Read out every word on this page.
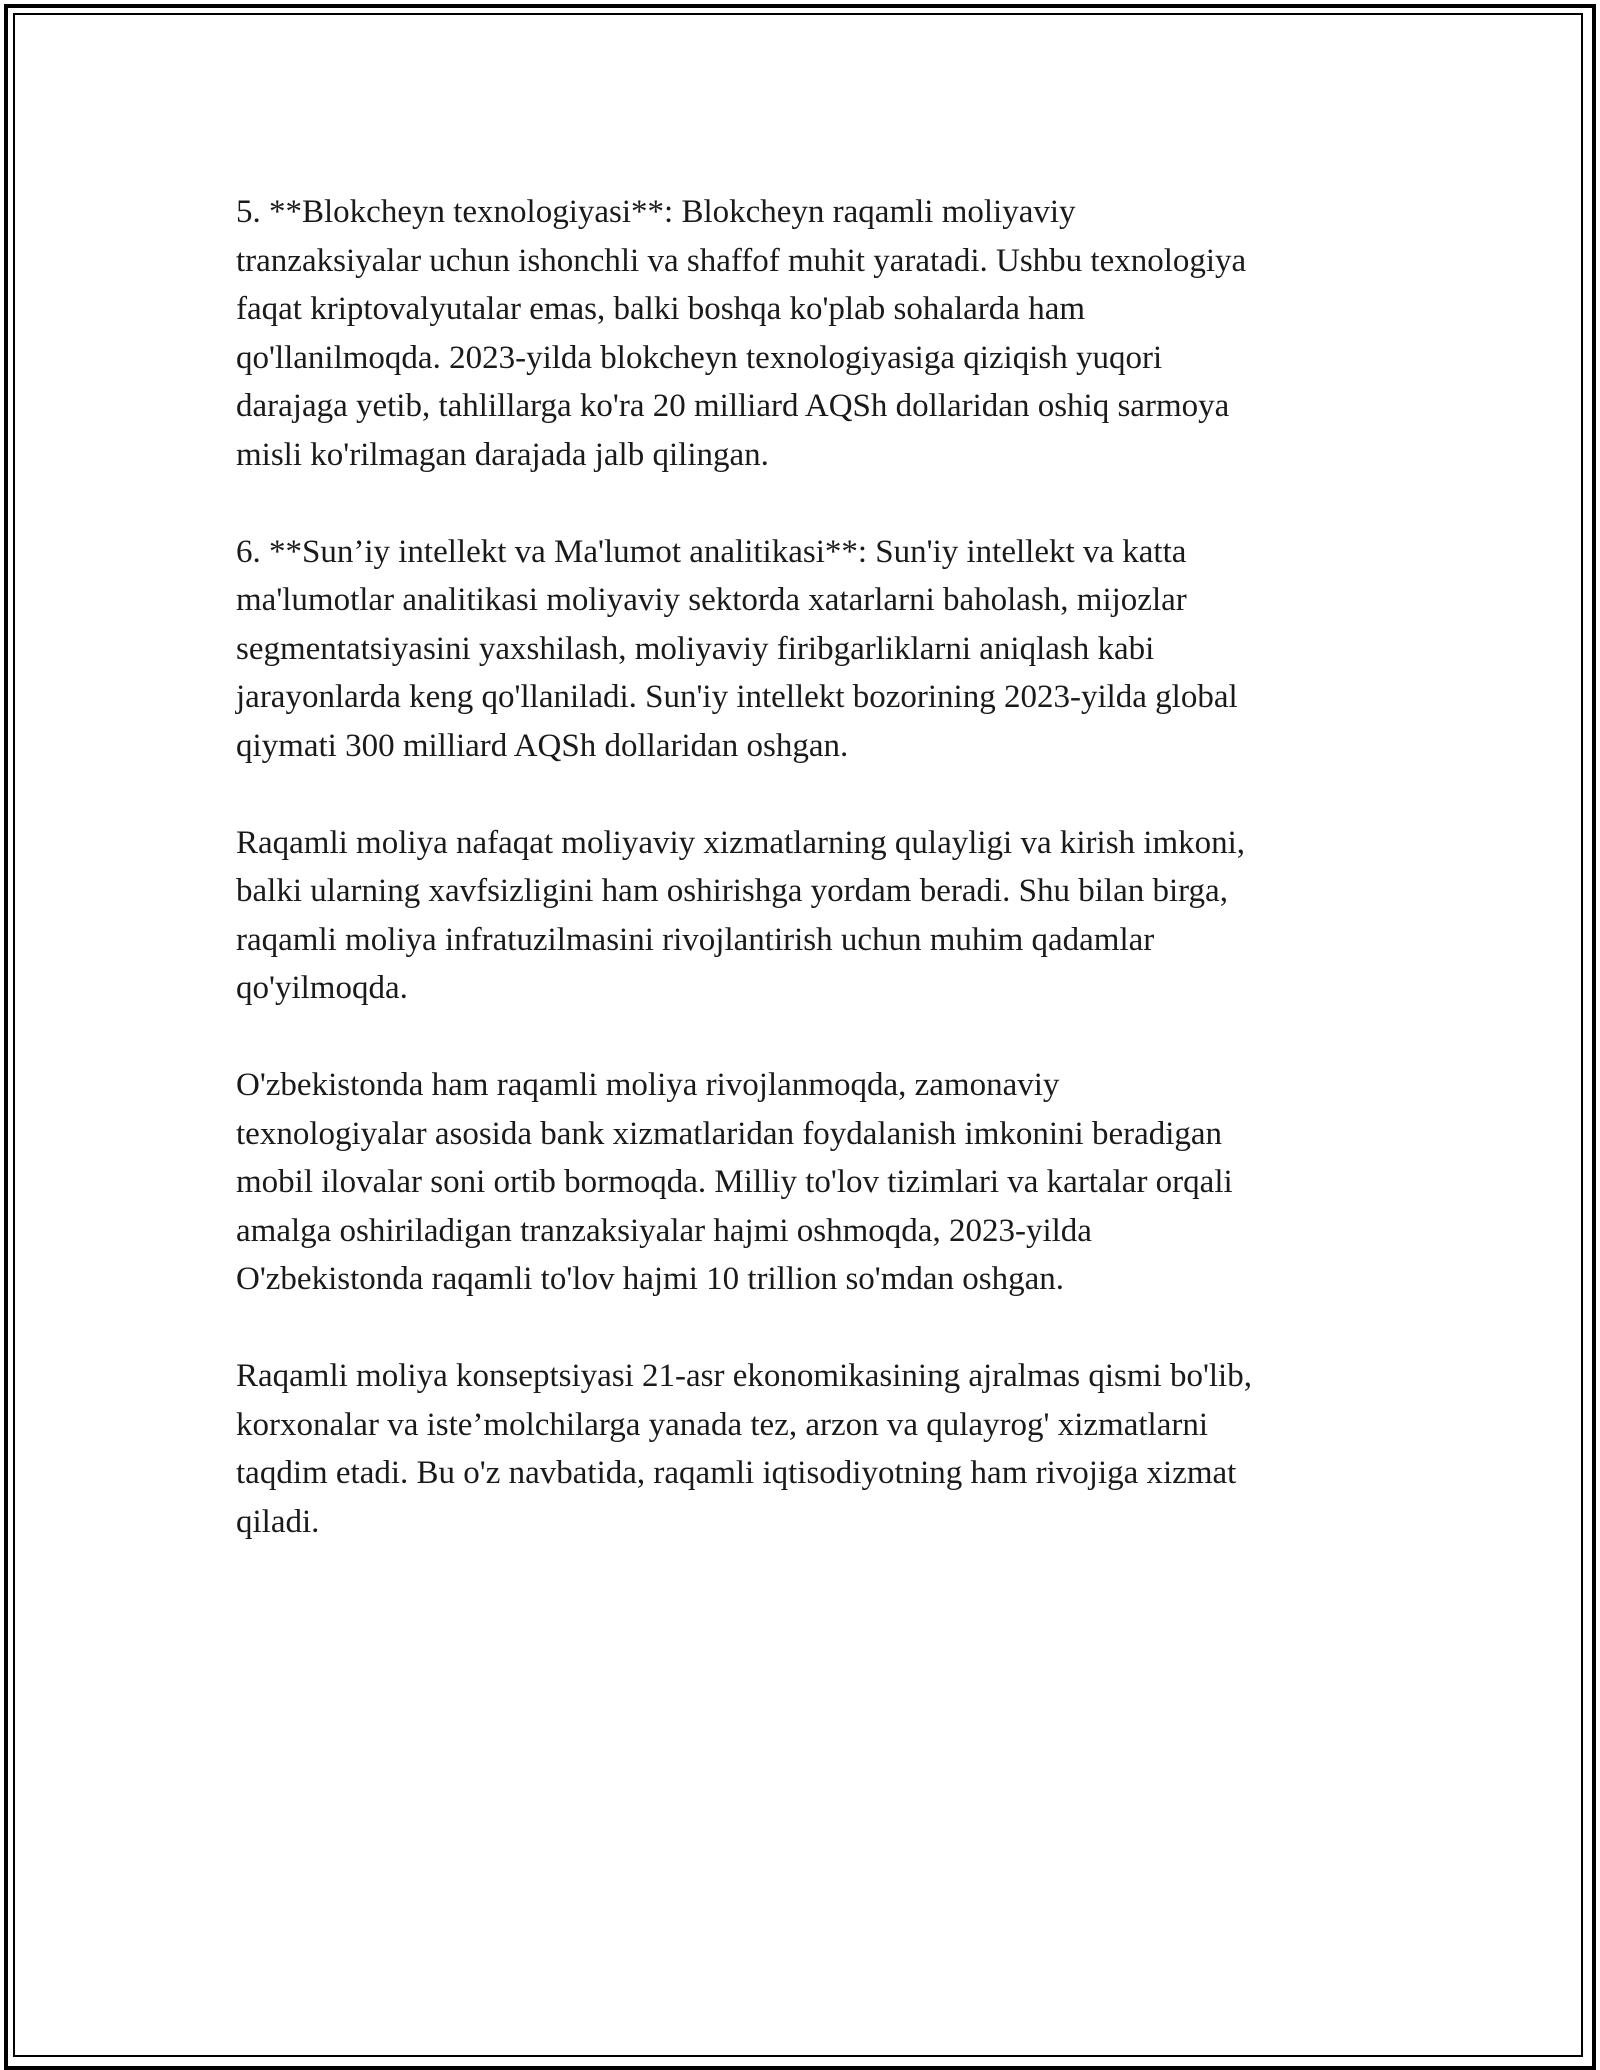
5. **Blokcheyn texnologiyasi**: Blokcheyn raqamli moliyaviy
tranzaksiyalar uchun ishonchli va shaffof muhit yaratadi. Ushbu texnologiya
faqat kriptovalyutalar emas, balki boshqa ko'plab sohalarda ham
qo'llanilmoqda. 2023-yilda blokcheyn texnologiyasiga qiziqish yuqori
darajaga yetib, tahlillarga ko'ra 20 milliard AQSh dollaridan oshiq sarmoya
misli ko'rilmagan darajada jalb qilingan.

6. **Sun’iy intellekt va Ma'lumot analitikasi**: Sun'iy intellekt va katta
ma'lumotlar analitikasi moliyaviy sektorda xatarlarni baholash, mijozlar
segmentatsiyasini yaxshilash, moliyaviy firibgarliklarni aniqlash kabi
jarayonlarda keng qo'llaniladi. Sun'iy intellekt bozorining 2023-yilda global
qiymati 300 milliard AQSh dollaridan oshgan.

Raqamli moliya nafaqat moliyaviy xizmatlarning qulayligi va kirish imkoni,
balki ularning xavfsizligini ham oshirishga yordam beradi. Shu bilan birga,
raqamli moliya infratuzilmasini rivojlantirish uchun muhim qadamlar
qo'yilmoqda.

O'zbekistonda ham raqamli moliya rivojlanmoqda, zamonaviy
texnologiyalar asosida bank xizmatlaridan foydalanish imkonini beradigan
mobil ilovalar soni ortib bormoqda. Milliy to'lov tizimlari va kartalar orqali
amalga oshiriladigan tranzaksiyalar hajmi oshmoqda, 2023-yilda
O'zbekistonda raqamli to'lov hajmi 10 trillion so'mdan oshgan.

Raqamli moliya konseptsiyasi 21-asr ekonomikasining ajralmas qismi bo'lib,
korxonalar va iste’molchilarga yanada tez, arzon va qulayrog' xizmatlarni
taqdim etadi. Bu o'z navbatida, raqamli iqtisodiyotning ham rivojiga xizmat
qiladi.
